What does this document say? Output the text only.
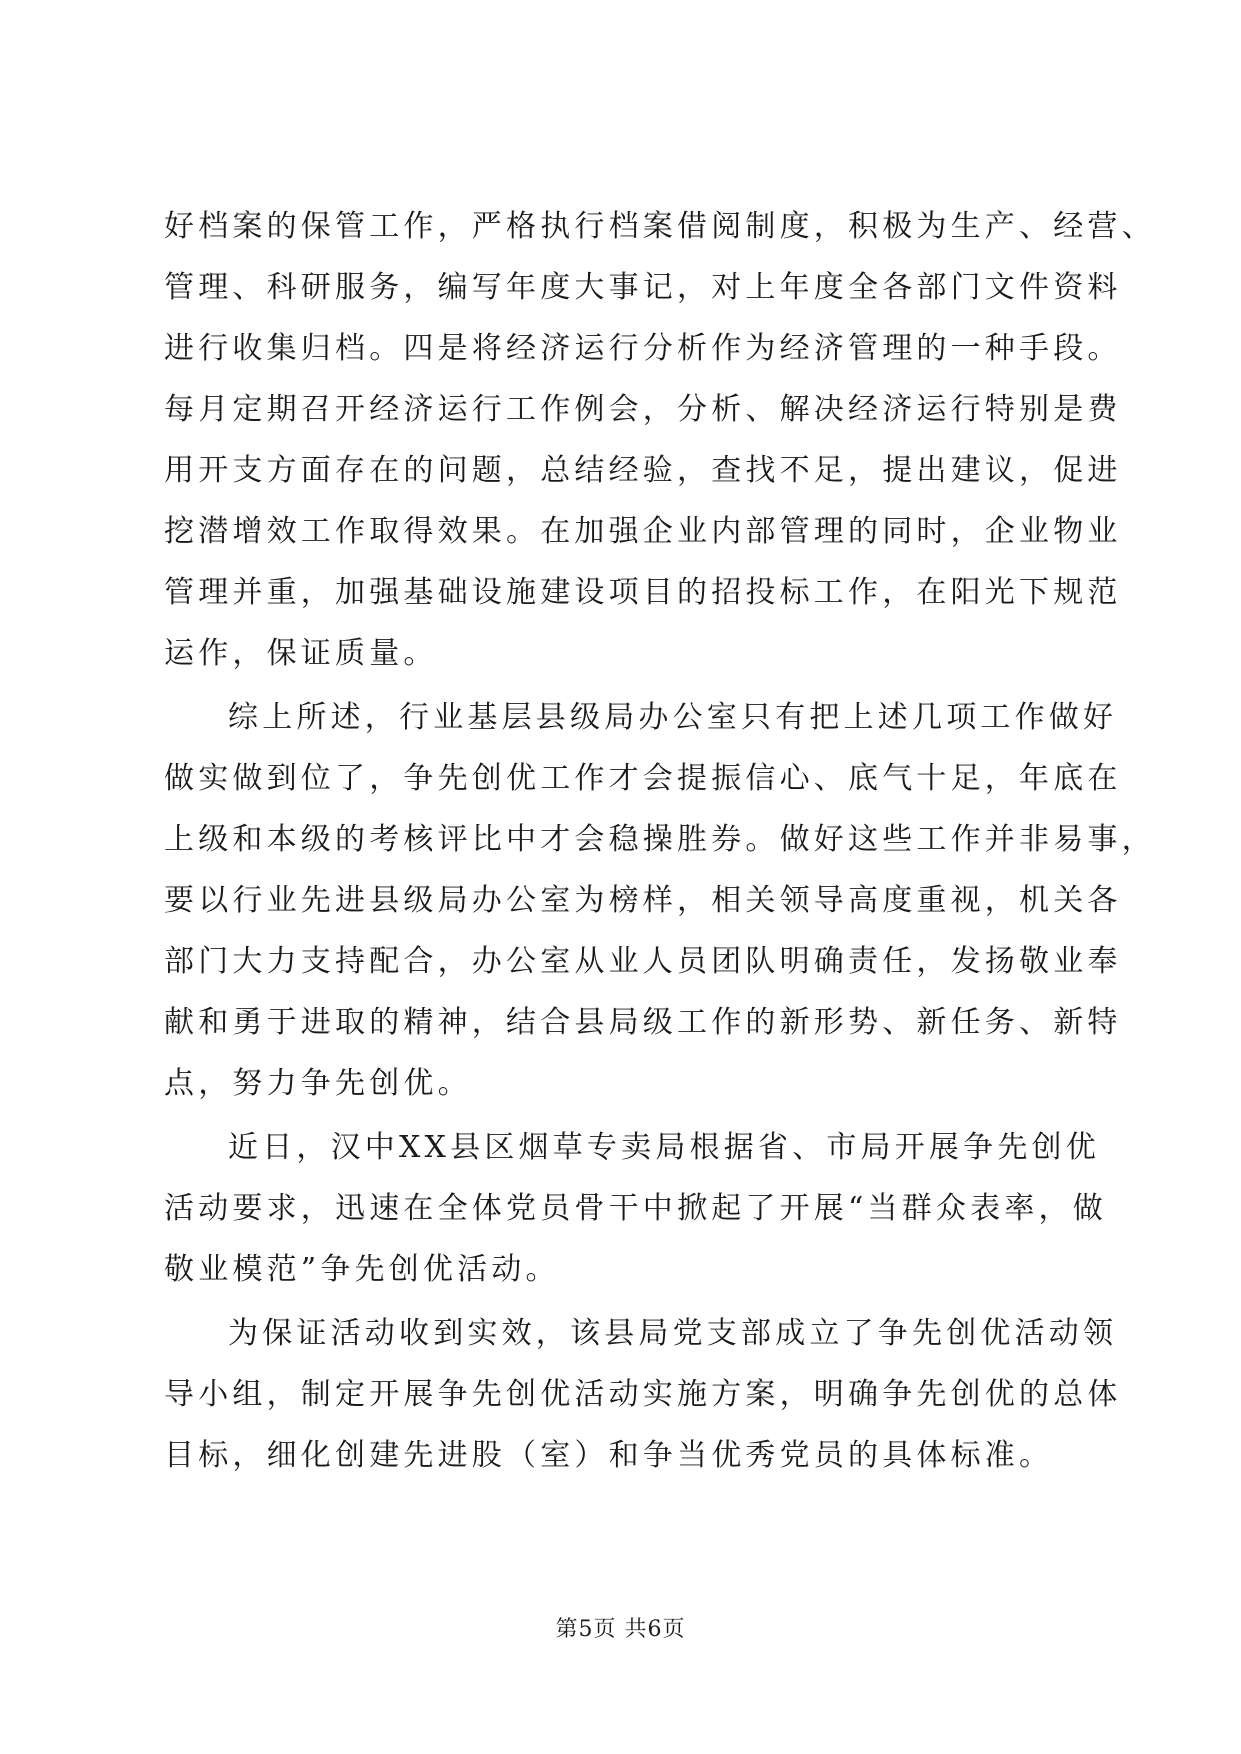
好档案的保管工作，严格执行档案借阅制度，积极为生产、经营、
管理、科研服务，编写年度大事记，对上年度全各部门文件资料
进行收集归档。四是将经济运行分析作为经济管理的一种手段。
每月定期召开经济运行工作例会，分析、解决经济运行特别是费
用开支方面存在的问题，总结经验，查找不足，提出建议，促进
挖潜增效工作取得效果。在加强企业内部管理的同时，企业物业
管理并重，加强基础设施建设项目的招投标工作，在阳光下规范
运作，保证质量。
综上所述，行业基层县级局办公室只有把上述几项工作做好
做实做到位了，争先创优工作才会提振信心、底气十足，年底在
上级和本级的考核评比中才会稳操胜券。做好这些工作并非易事，
要以行业先进县级局办公室为榜样，相关领导高度重视，机关各
部门大力支持配合，办公室从业人员团队明确责任，发扬敬业奉
献和勇于进取的精神，结合县局级工作的新形势、新任务、新特
点，努力争先创优。
近日，汉中XX县区烟草专卖局根据省、市局开展争先创优
活动要求，迅速在全体党员骨干中掀起了开展“当群众表率，做
敬业模范”争先创优活动。
为保证活动收到实效，该县局党支部成立了争先创优活动领
导小组，制定开展争先创优活动实施方案，明确争先创优的总体
目标，细化创建先进股（室）和争当优秀党员的具体标准。
第5页 共6页
